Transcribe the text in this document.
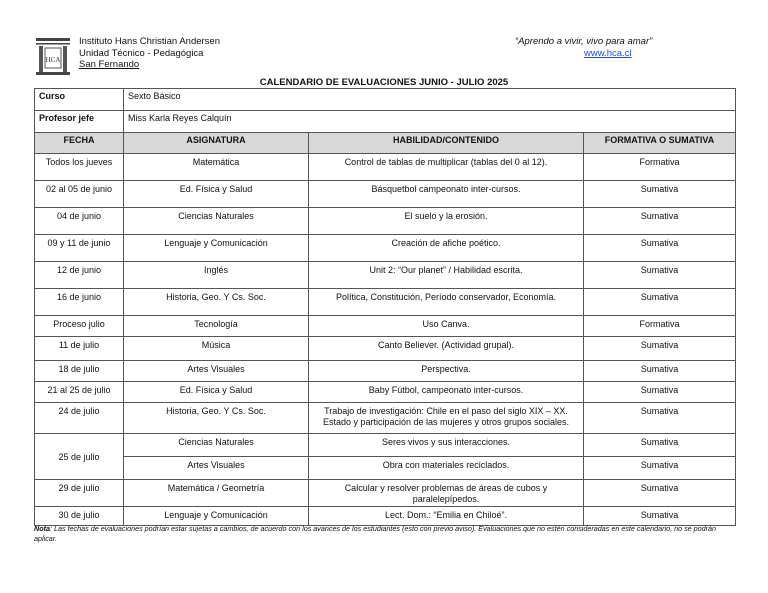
HCA
Instituto Hans Christian Andersen
Unidad Técnico - Pedagógica
San Fernando
“Aprendo a vivir, vivo para amar”
www.hca.cl
CALENDARIO DE EVALUACIONES JUNIO - JULIO 2025
Curso	Sexto Básico		
Profesor jefe	Miss Karla Reyes Calquín		
FECHA	ASIGNATURA	HABILIDAD/CONTENIDO	FORMATIVA O SUMATIVA
Todos los jueves	Matemática	Control de tablas de multiplicar (tablas del 0 al 12).	Formativa
02 al 05 de junio	Ed. Física y Salud	Básquetbol campeonato inter-cursos.	Sumativa
04 de junio	Ciencias Naturales	El suelo y la erosión.	Sumativa
09 y 11 de junio	Lenguaje y Comunicación	Creación de afiche poético.	Sumativa
12 de junio	Inglés	Unit 2: “Our planet” / Habilidad escrita.	Sumativa
16 de junio	Historia, Geo. Y Cs. Soc.	Política, Constitución, Período conservador, Economía.	Sumativa
Proceso julio	Tecnología	Uso Canva.	Formativa
11 de julio	Música	Canto Believer. (Actividad grupal).	Sumativa
18 de julio	Artes Visuales	Perspectiva.	Sumativa
21 al 25 de julio	Ed. Física y Salud	Baby Fútbol, campeonato inter-cursos.	Sumativa
24 de julio	Historia, Geo. Y Cs. Soc.	Trabajo de investigación: Chile en el paso del siglo XIX – XX. Estado y participación de las mujeres y otros grupos sociales.	Sumativa
25 de julio	Ciencias Naturales	Seres vivos y sus interacciones.	Sumativa
	Artes Visuales	Obra con materiales reciclados.	Sumativa
29 de julio	Matemática / Geometría	Calcular y resolver problemas de áreas de cubos y paralelepípedos.	Sumativa
30 de julio	Lenguaje y Comunicación	Lect. Dom.: “Emilia en Chiloé”.	Sumativa
Nota: Las fechas de evaluaciones podrían estar sujetas a cambios, de acuerdo con los avances de los estudiantes (esto con previo aviso). Evaluaciones que no estén consideradas en este calendario, no se podrán aplicar.
